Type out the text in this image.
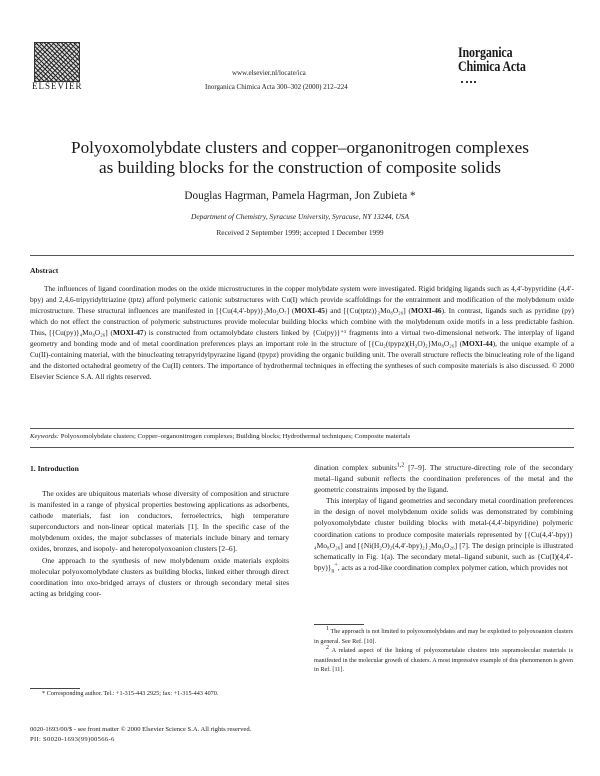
ELSEVIER
www.elsevier.nl/locate/ica
Inorganica Chimica Acta 300–302 (2000) 212–224
Inorganica
Chimica Acta
Polyoxomolybdate clusters and copper–organonitrogen complexes
as building blocks for the construction of composite solids
Douglas Hagrman, Pamela Hagrman, Jon Zubieta *
Department of Chemistry, Syracuse University, Syracuse, NY 13244, USA
Received 2 September 1999; accepted 1 December 1999
Abstract
The influences of ligand coordination modes on the oxide microstructures in the copper molybdate system were investigated. Rigid bridging ligands such as 4,4′-bypyridine (4,4′-bpy) and 2,4,6-tripyridyltriazine (tptz) afford polymeric cationic substructures with Cu(I) which provide scaffoldings for the entrainment and modification of the molybdenum oxide microstructure. These structural influences are manifested in [{Cu(4,4′-bpy)}₂Mo₂O₇] (MOXI-45) and [{Cu(tptz)}₂Mo₈O₂₆] (MOXI-46). In contrast, ligands such as pyridine (py) which do not effect the construction of polymeric substructures provide molecular building blocks which combine with the molybdenum oxide motifs in a less predictable fashion. Thus, [{Cu(py)}₄Mo₈O₂₆] (MOXI-47) is constructed from octamolybdate clusters linked by {Cu(py)}⁺¹ fragments into a virtual two-dimensional network. The interplay of ligand geometry and bonding mode and of metal coordination preferences plays an important role in the structure of [{Cu₂(tpypz)(H₂O)₂}Mo₈O₂₆] (MOXI-44), the unique example of a Cu(II)-containing material, with the binucleating tetrapyridylpyrazine ligand (tpypz) providing the organic building unit. The overall structure reflects the binucleating role of the ligand and the distorted octahedral geometry of the Cu(II) centers. The importance of hydrothermal techniques in effecting the syntheses of such composite materials is also discussed. © 2000 Elsevier Science S.A. All rights reserved.
Keywords: Polyoxomolybdate clusters; Copper–organonitrogen complexes; Building blocks; Hydrothermal techniques; Composite materials
1. Introduction

The oxides are ubiquitous materials whose diversity of composition and structure is manifested in a range of physical properties bestowing applications as adsorbents, cathode materials, fast ion conductors, ferroelectrics, high temperature superconductors and non-linear optical materials [1]. In the specific case of the molybdenum oxides, the major subclasses of materials include binary and ternary oxides, bronzes, and isopoly- and heteropolyoxoanion clusters [2–6].

One approach to the synthesis of new molybdenum oxide materials exploits molecular polyoxomolybdate clusters as building blocks, linked either through direct coordination into oxo-bridged arrays of clusters or through secondary metal sites acting as bridging coor-

dination complex subunits$^{1,2}$ [7–9]. The structure-directing role of the secondary metal–ligand subunit reflects the coordination preferences of the metal and the geometric constraints imposed by the ligand.

This interplay of ligand geometries and secondary metal coordination preferences in the design of novel molybdenum oxide solids was demonstrated by combining polyoxomolybdate cluster building blocks with metal-(4,4′-bipyridine) polymeric coordination cations to produce composite materials represented by [{Cu(4,4′-bpy)}₄Mo₈O₂₆] and [{Ni(H₂O)₂(4,4′-bpy)₂}₂Mo₈O₂₆] [7]. The design principle is illustrated schematically in Fig. 1(a). The secondary metal–ligand subunit, such as $\{Cu(I)(4,4'-bpy)\}_n^+$, acts as a rod-like coordination complex polymer cation, which provides not

1 The approach is not limited to polyoxomolybdates and may be exploited to polyoxoanion clusters in general. See Ref. [10].
2 A related aspect of the linking of polyoxometalate clusters into supramolecular materials is manifested in the molecular growth of clusters. A most impressive example of this phenomenon is given in Ref. [11].
* Corresponding author. Tel.: +1-315-443 2925; fax: +1-315-443 4070.
0020-1693/00/$ - see front matter © 2000 Elsevier Science S.A. All rights reserved.
PII: S0020-1693(99)00566-6
